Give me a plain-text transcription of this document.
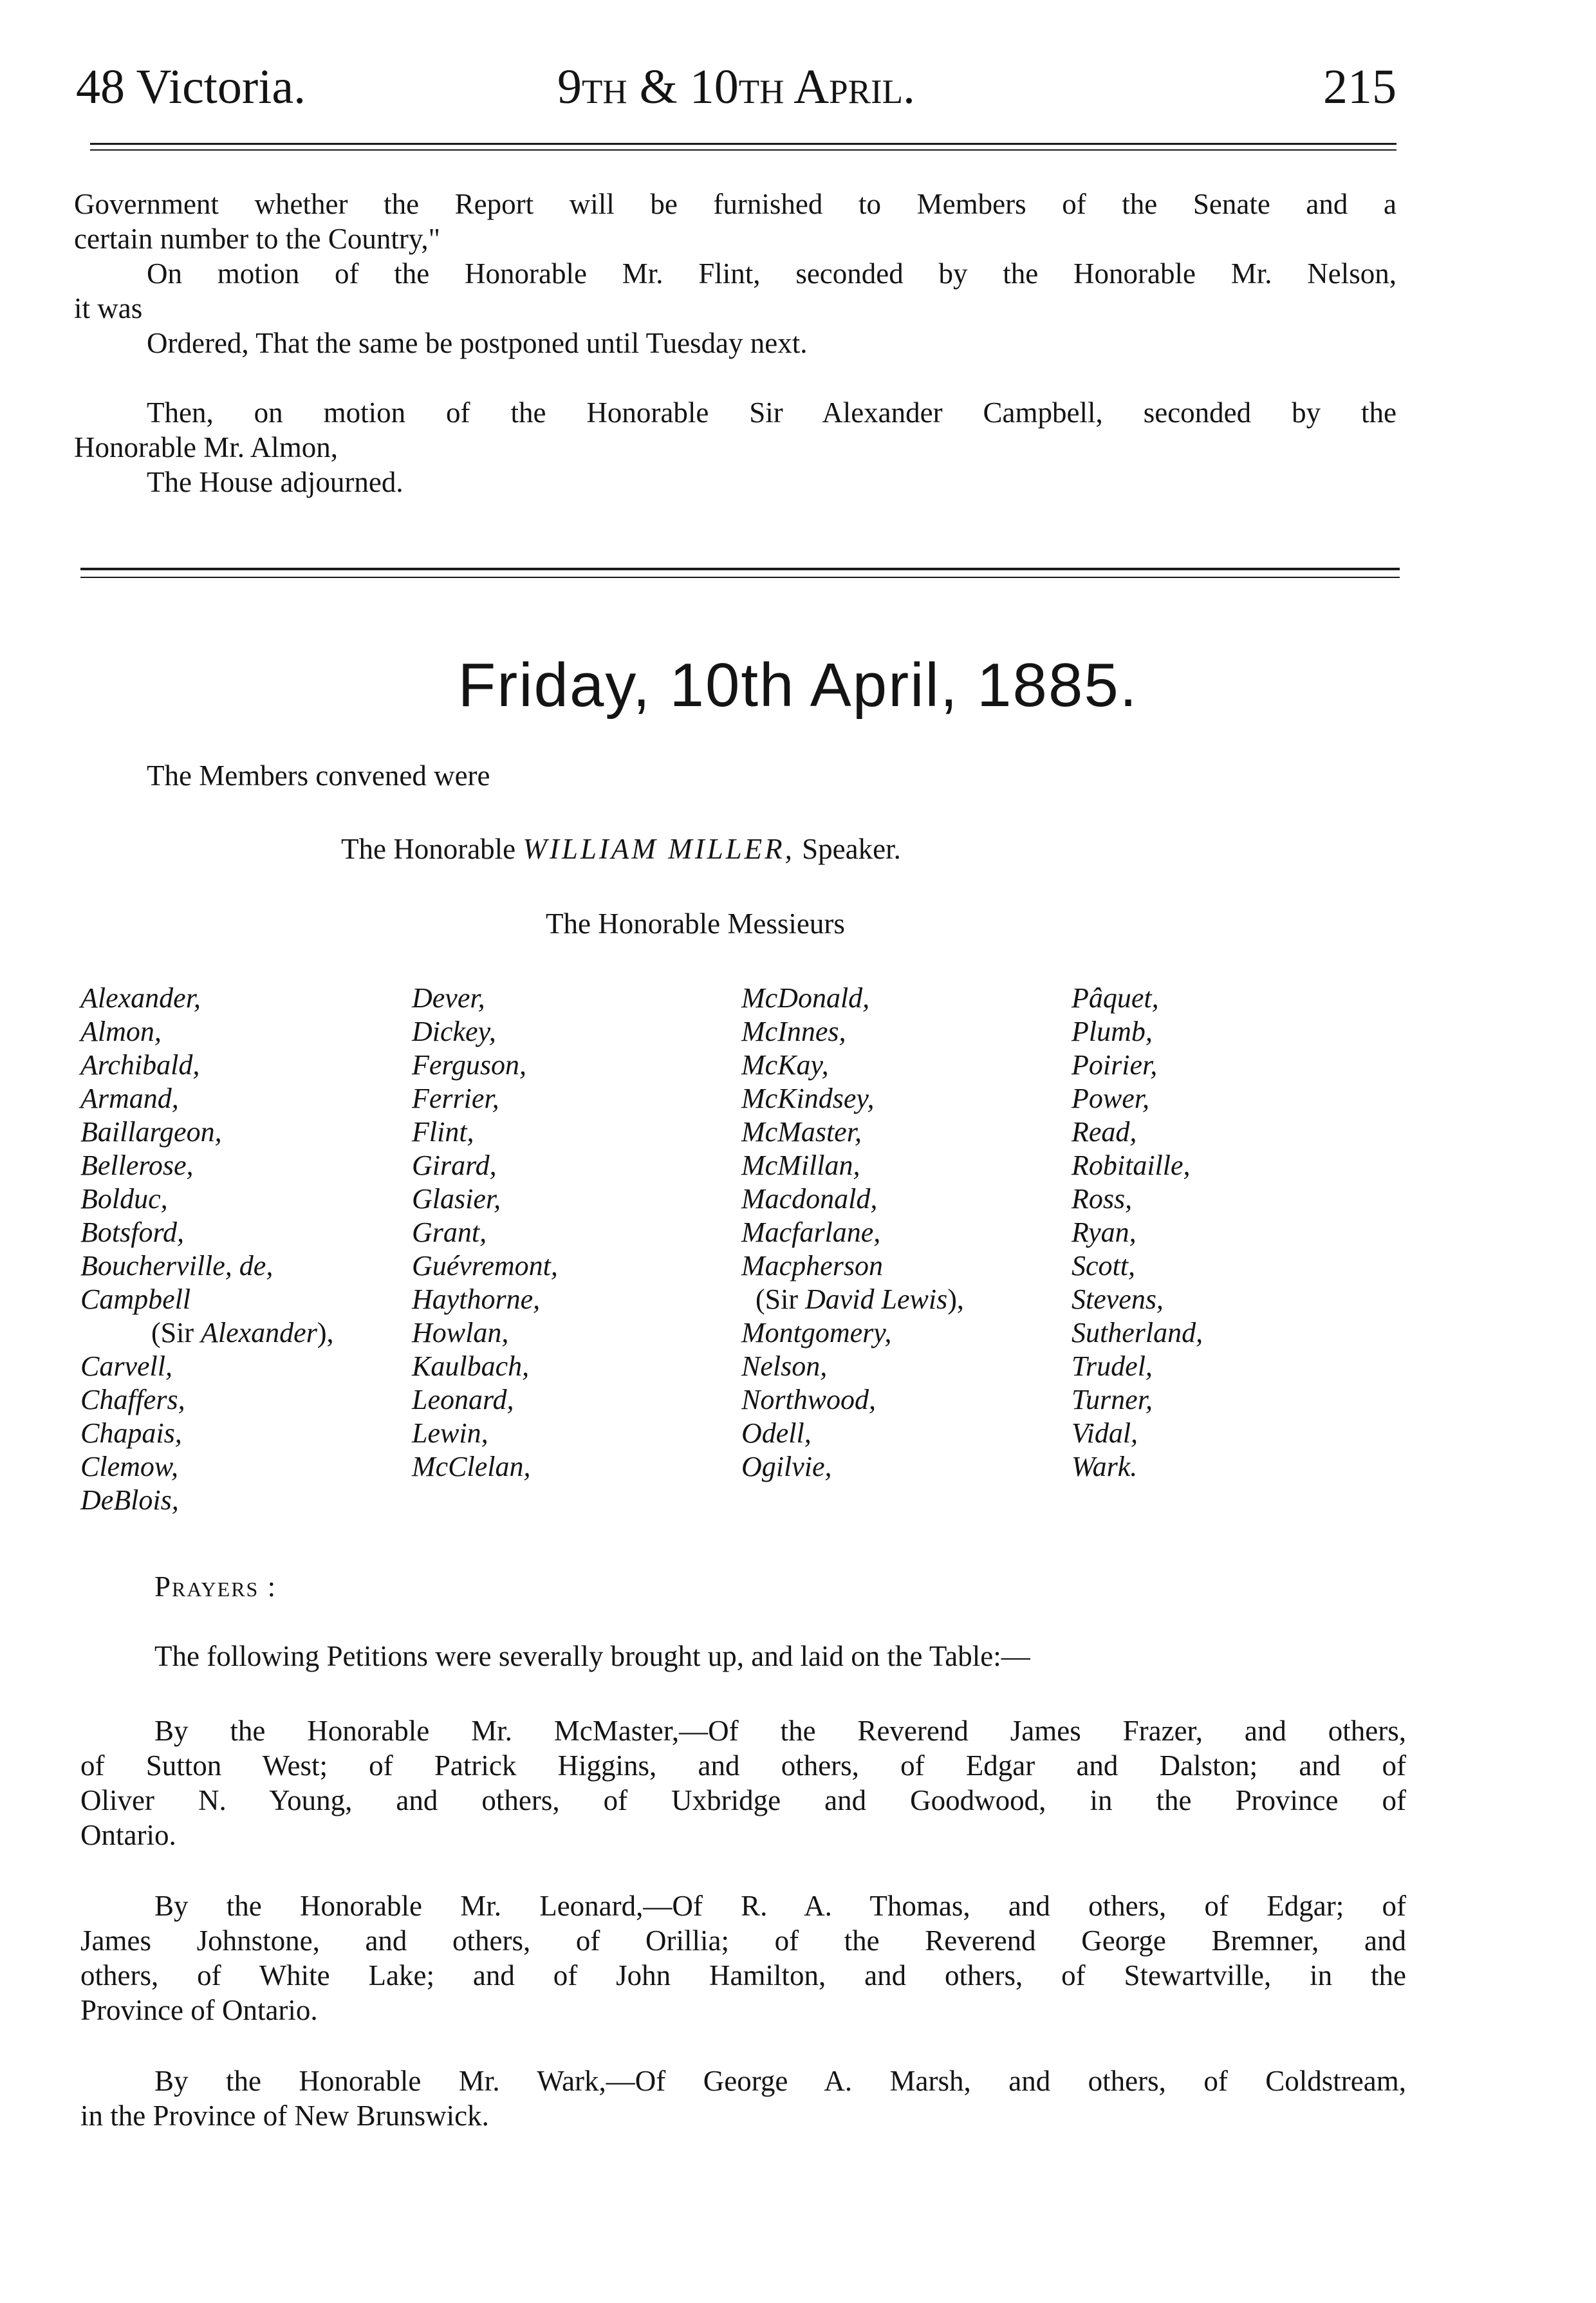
48 Victoria.	9th & 10th April.	215
Government whether the Report will be furnished to Members of the Senate and a
certain number to the Country,"
On motion of the Honorable Mr. Flint, seconded by the Honorable Mr. Nelson,
it was
Ordered, That the same be postponed until Tuesday next.
Then, on motion of the Honorable Sir Alexander Campbell, seconded by the
Honorable Mr. Almon,
The House adjourned.
Friday, 10th April, 1885.
The Members convened were
The Honorable WILLIAM MILLER, Speaker.
The Honorable Messieurs
Alexander,
Almon,
Archibald,
Armand,
Baillargeon,
Bellerose,
Bolduc,
Botsford,
Boucherville, de,
Campbell
(Sir Alexander),
Carvell,
Chaffers,
Chapais,
Clemow,
DeBlois,
Dever,
Dickey,
Ferguson,
Ferrier,
Flint,
Girard,
Glasier,
Grant,
Guévremont,
Haythorne,
Howlan,
Kaulbach,
Leonard,
Lewin,
McClelan,
McDonald,
McInnes,
McKay,
McKindsey,
McMaster,
McMillan,
Macdonald,
Macfarlane,
Macpherson
(Sir David Lewis),
Montgomery,
Nelson,
Northwood,
Odell,
Ogilvie,
Pâquet,
Plumb,
Poirier,
Power,
Read,
Robitaille,
Ross,
Ryan,
Scott,
Stevens,
Sutherland,
Trudel,
Turner,
Vidal,
Wark.
Prayers :
The following Petitions were severally brought up, and laid on the Table:—
By the Honorable Mr. McMaster,—Of the Reverend James Frazer, and others,
of Sutton West; of Patrick Higgins, and others, of Edgar and Dalston; and of
Oliver N. Young, and others, of Uxbridge and Goodwood, in the Province of
Ontario.
By the Honorable Mr. Leonard,—Of R. A. Thomas, and others, of Edgar; of
James Johnstone, and others, of Orillia; of the Reverend George Bremner, and
others, of White Lake; and of John Hamilton, and others, of Stewartville, in the
Province of Ontario.
By the Honorable Mr. Wark,—Of George A. Marsh, and others, of Coldstream,
in the Province of New Brunswick.
